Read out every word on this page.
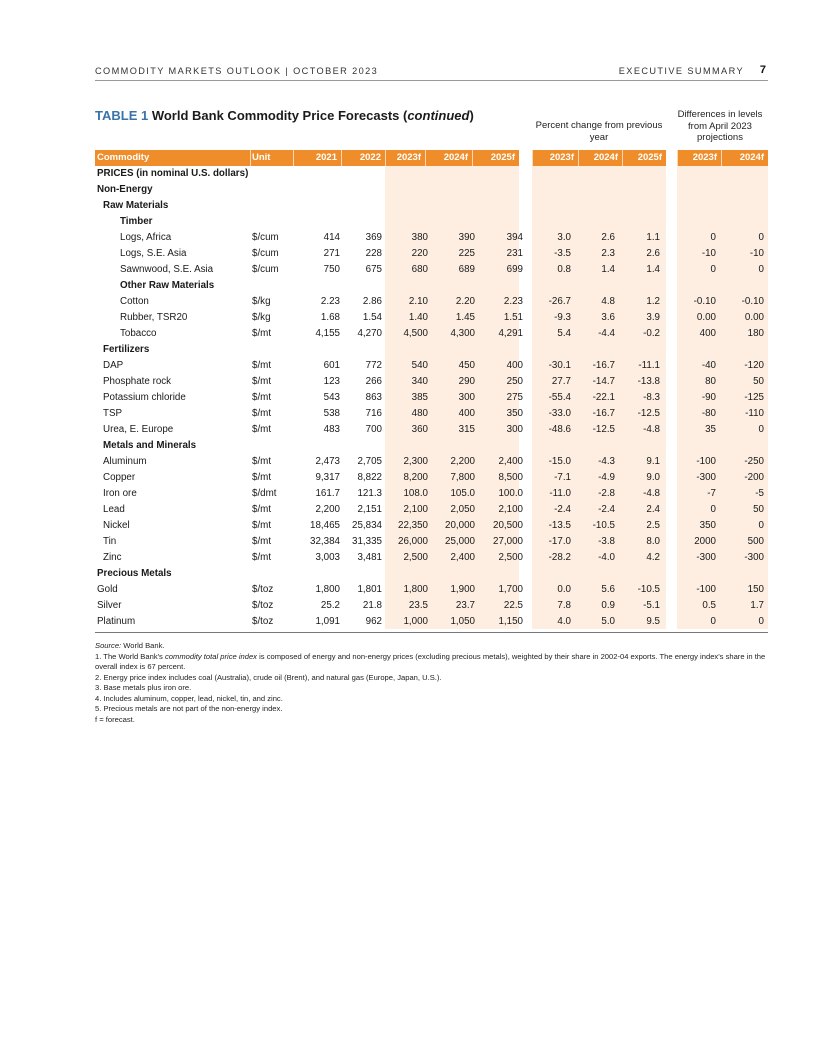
COMMODITY MARKETS OUTLOOK | OCTOBER 2023	EXECUTIVE SUMMARY 7
TABLE 1 World Bank Commodity Price Forecasts (continued)
Percent change from previous year
Differences in levels from April 2023 projections
Commodity	Unit	2021	2022	2023f	2024f	2025f	2023f	2024f	2025f	2023f	2024f
PRICES (in nominal U.S. dollars)
Non-Energy
Raw Materials
Timber
Logs, Africa	$/cum	414	369	380	390	394	3.0	2.6	1.1	0	0
Logs, S.E. Asia	$/cum	271	228	220	225	231	-3.5	2.3	2.6	-10	-10
Sawnwood, S.E. Asia	$/cum	750	675	680	689	699	0.8	1.4	1.4	0	0
Other Raw Materials
Cotton	$/kg	2.23 2.86	2.10	2.20	2.23	-26.7	4.8	1.2	-0.10	-0.10
Rubber, TSR20	$/kg	1.68 1.54	1.40	1.45	1.51	-9.3	3.6	3.9	0.00	0.00
Tobacco	$/mt	4,155 4,270 4,500 4,300 4,291	5.4	-4.4	-0.2	400	180
Fertilizers
DAP	$/mt	601	772	540	450	400	-30.1 -16.7 -11.1	-40	-120
Phosphate rock	$/mt	123	266	340	290	250	27.7 -14.7 -13.8	80	50
Potassium chloride	$/mt	543	863	385	300	275	-55.4 -22.1	-8.3	-90	-125
TSP	$/mt	538	716	480	400	350	-33.0 -16.7 -12.5	-80	-110
Urea, E. Europe	$/mt	483	700	360	315	300	-48.6 -12.5	-4.8	35	0
Metals and Minerals
Aluminum	$/mt	2,473 2,705 2,300 2,200 2,400	-15.0	-4.3	9.1	-100	-250
Copper	$/mt	9,317 8,822 8,200 7,800 8,500	-7.1	-4.9	9.0	-300	-200
Iron ore	$/dmt	161.7 121.3 108.0 105.0 100.0	-11.0	-2.8	-4.8	-7	-5
Lead	$/mt	2,200 2,151 2,100 2,050 2,100	-2.4	-2.4	2.4	0	50
Nickel	$/mt	18,465 25,834 22,350 20,000 20,500	-13.5 -10.5	2.5	350	0
Tin	$/mt	32,384 31,335 26,000 25,000 27,000	-17.0	-3.8	8.0	2000	500
Zinc	$/mt	3,003 3,481 2,500 2,400 2,500	-28.2	-4.0	4.2	-300	-300
Precious Metals
Gold	$/toz	1,800 1,801 1,800 1,900 1,700	0.0	5.6 -10.5	-100	150
Silver	$/toz	25.2 21.8	23.5	23.7	22.5	7.8	0.9	-5.1	0.5	1.7
Platinum	$/toz	1,091	962 1,000 1,050 1,150	4.0	5.0	9.5	0	0

Source: World Bank.

1. The World Bank's commodity total price index is composed of energy and non-energy prices (excluding precious metals), weighted by their share in 2002-04 exports. The energy index's share in the overall index is 67 percent.

2. Energy price index includes coal (Australia), crude oil (Brent), and natural gas (Europe, Japan, U.S.).

3. Base metals plus iron ore.

4. Includes aluminum, copper, lead, nickel, tin, and zinc.

5. Precious metals are not part of the non-energy index.

f = forecast.
